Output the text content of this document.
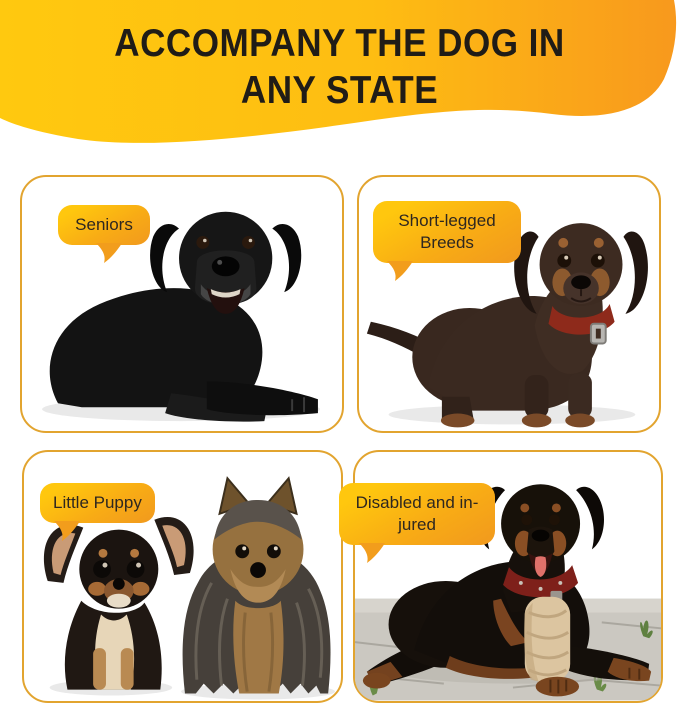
ACCOMPANY THE DOG IN
ANY STATE
Seniors	Short-legged
Breeds
Little Puppy	Disabled and in-
jured
